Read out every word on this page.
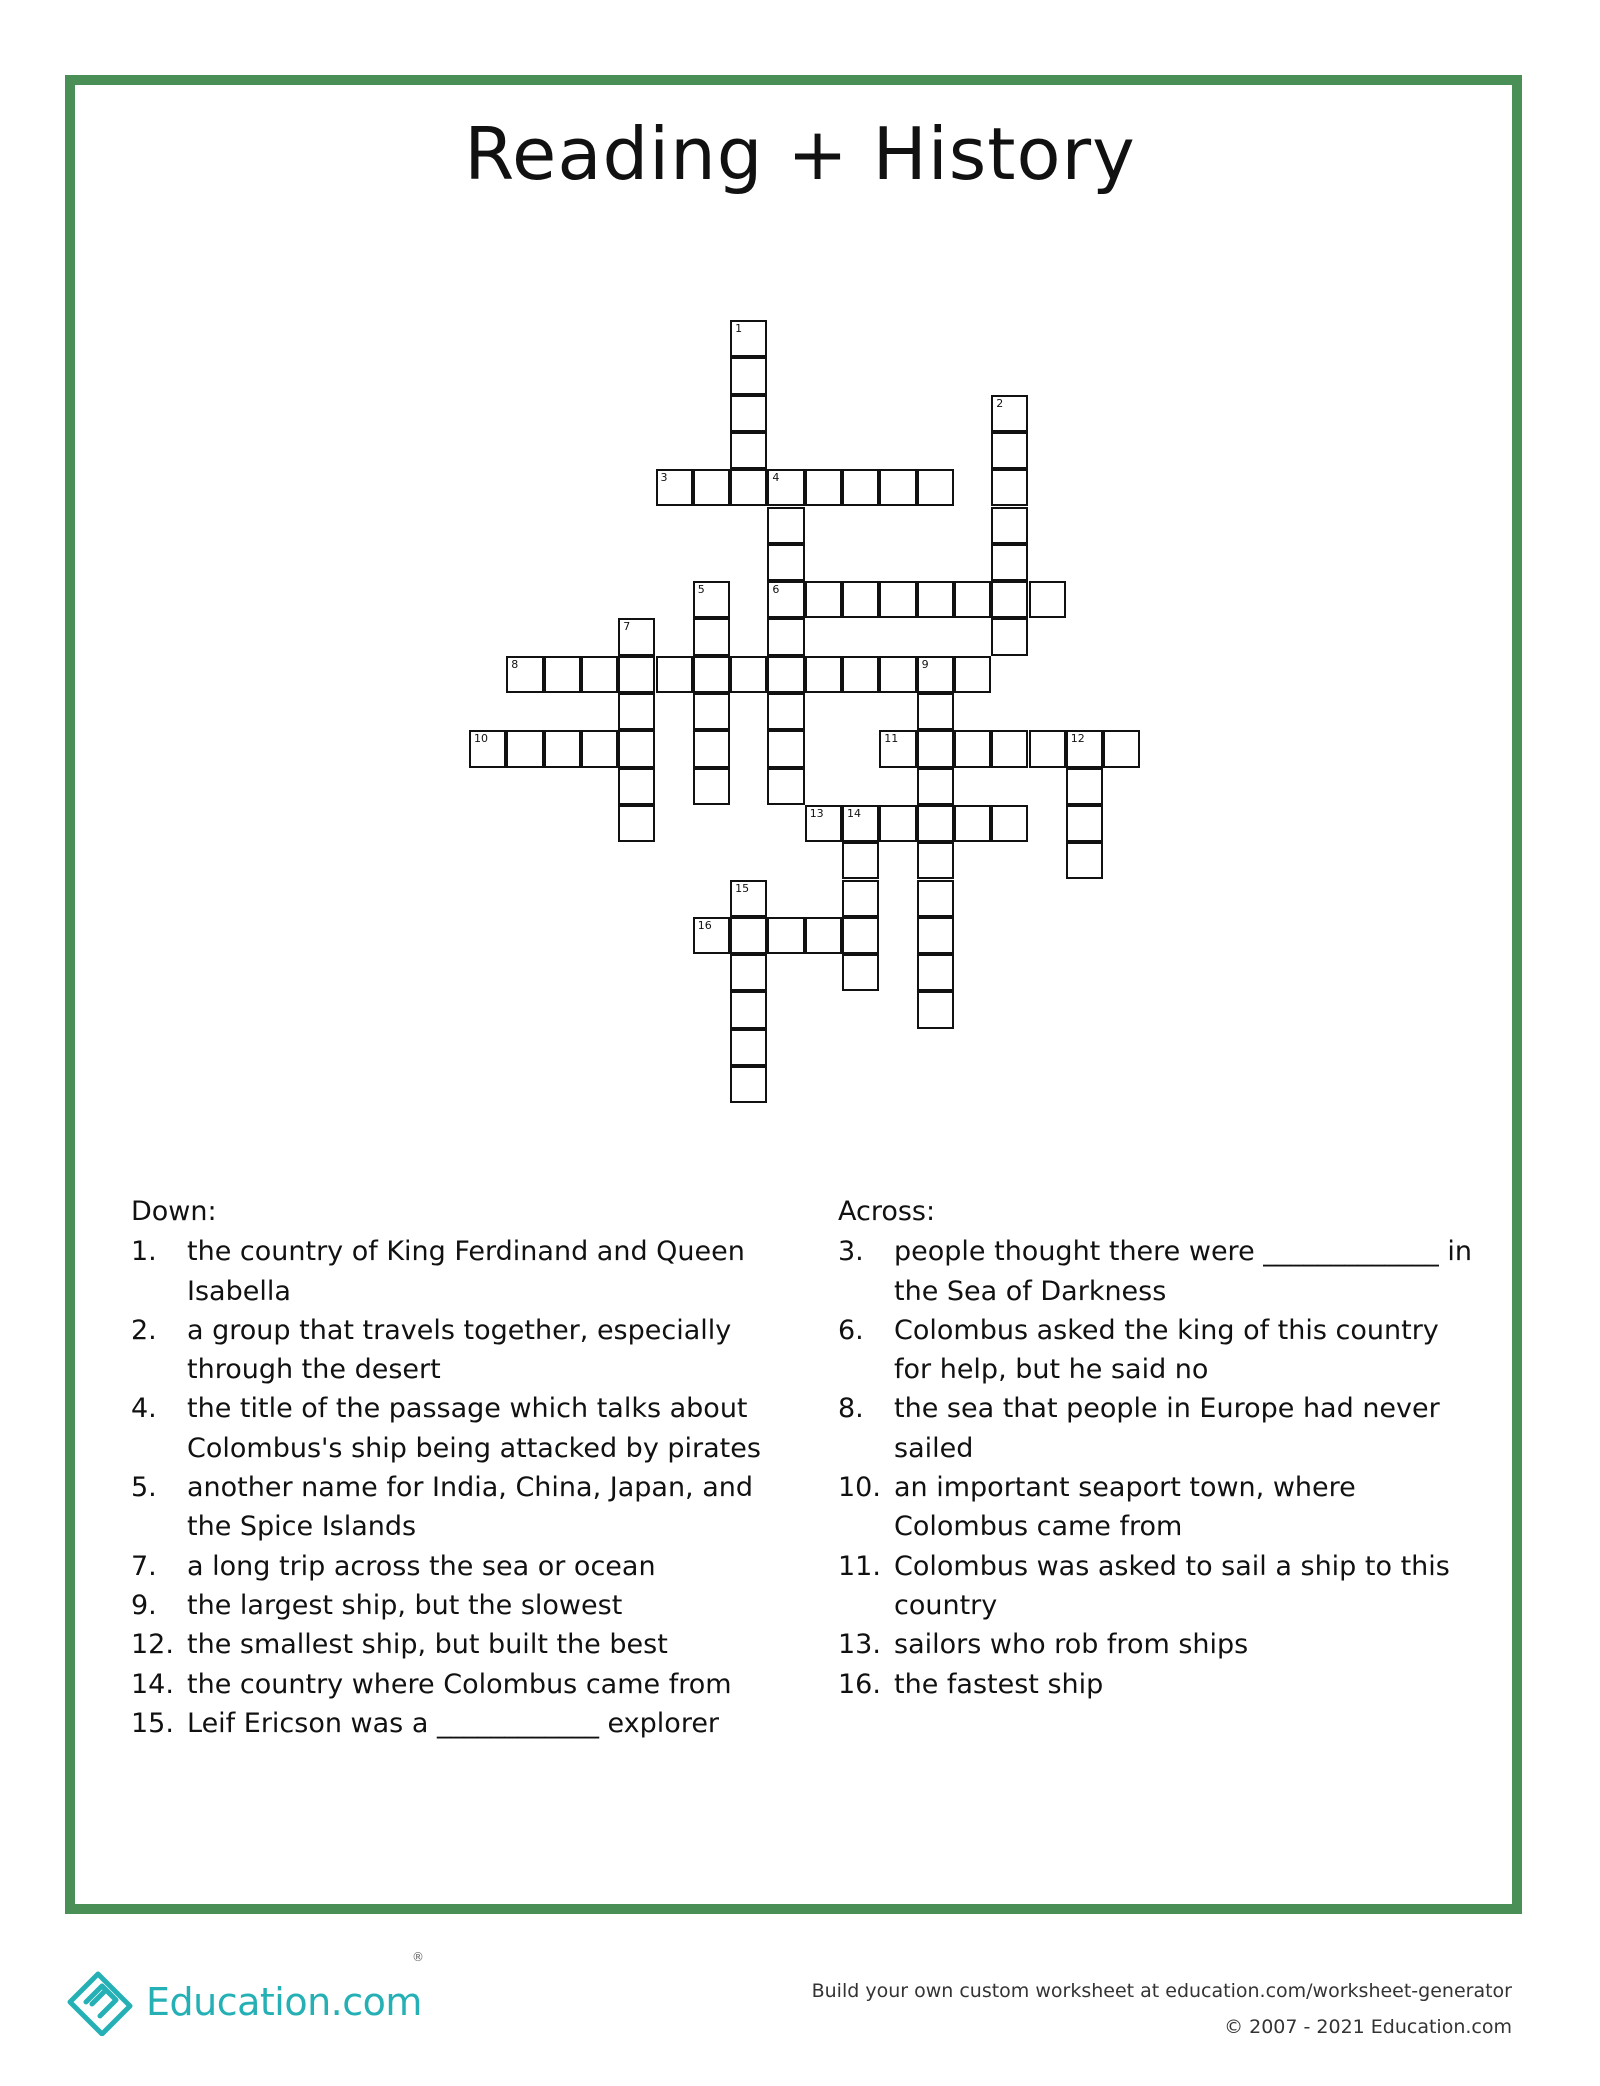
Reading + History
1
2
3	4
6
5
7
8	9
10	11	12
13 14
15
16
Down:
1.	the country of King Ferdinand and Queen Isabella
2.	a group that travels together, especially through the desert
4.	the title of the passage which talks about Colombus's ship being attacked by pirates
5.	another name for India, China, Japan, and the Spice Islands
7.	a long trip across the sea or ocean
9.	the largest ship, but the slowest
12. the smallest ship, but built the best
14. the country where Colombus came from
15. Leif Ericson was a ____________ explorer
Across:
3.	people thought there were _____________ in the Sea of Darkness
6.	Colombus asked the king of this country for help, but he said no
8.	the sea that people in Europe had never sailed
10. an important seaport town, where Colombus came from
11. Colombus was asked to sail a ship to this country
13. sailors who rob from ships
16. the fastest ship
Education.com
®
Build your own custom worksheet at education.com/worksheet-generator
© 2007 - 2021 Education.com
